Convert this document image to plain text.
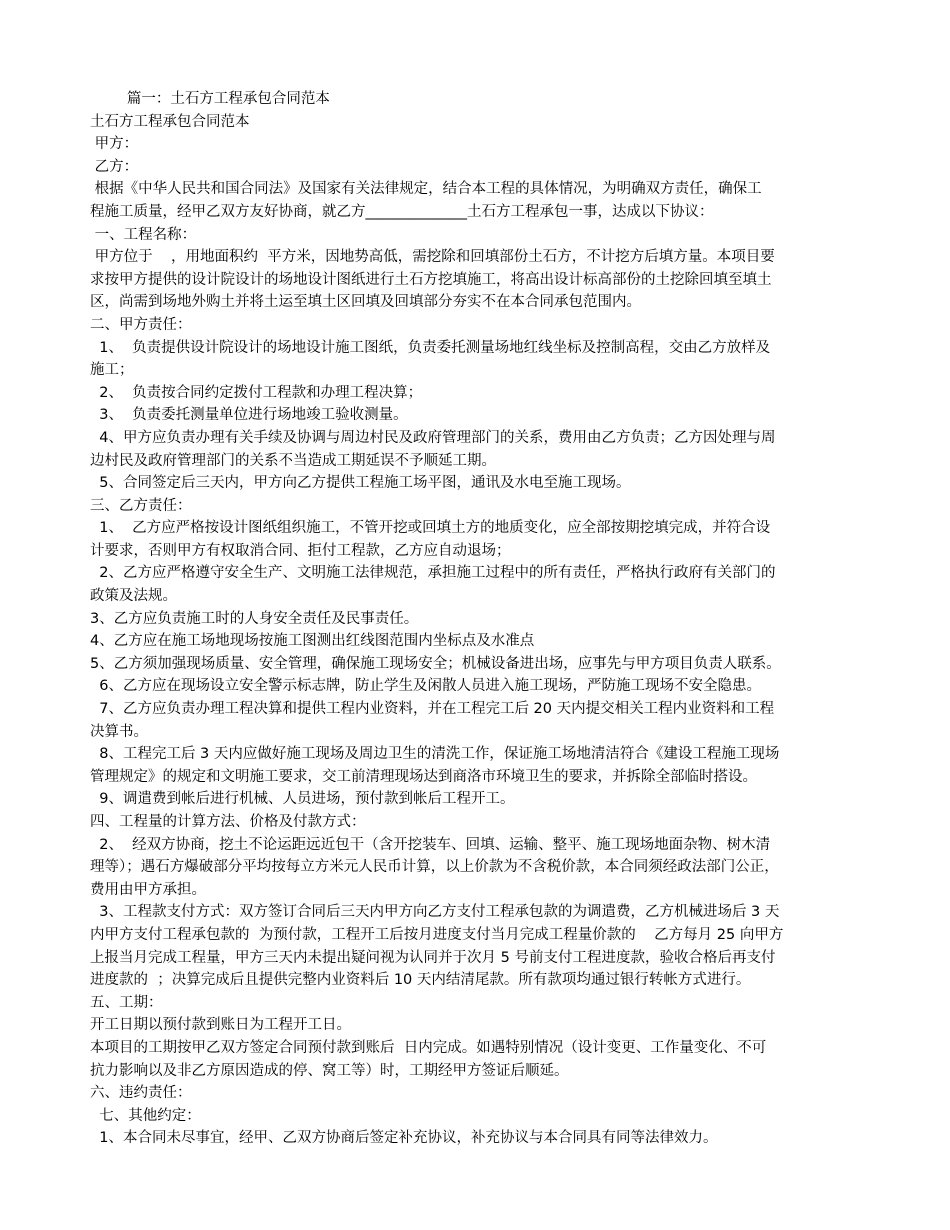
篇一：土石方工程承包合同范本
土石方工程承包合同范本
甲方：
乙方：
根据《中华人民共和国合同法》及国家有关法律规定，结合本工程的具体情况，为明确双方责任，确保工
程施工质量，经甲乙双方友好协商，就乙方______________土石方工程承包一事，达成以下协议：
一、工程名称：
甲方位于    ，用地面积约  平方米，因地势高低，需挖除和回填部份土石方，不计挖方后填方量。本项目要
求按甲方提供的设计院设计的场地设计图纸进行土石方挖填施工，将高出设计标高部份的土挖除回填至填土
区，尚需到场地外购土并将土运至填土区回填及回填部分夯实不在本合同承包范围内。
二、甲方责任：
1、  负责提供设计院设计的场地设计施工图纸，负责委托测量场地红线坐标及控制高程，交由乙方放样及
施工；
2、  负责按合同约定拨付工程款和办理工程决算；
3、  负责委托测量单位进行场地竣工验收测量。
4、甲方应负责办理有关手续及协调与周边村民及政府管理部门的关系，费用由乙方负责；乙方因处理与周
边村民及政府管理部门的关系不当造成工期延误不予顺延工期。
5、合同签定后三天内，甲方向乙方提供工程施工场平图，通讯及水电至施工现场。
三、乙方责任：
1、  乙方应严格按设计图纸组织施工，不管开挖或回填土方的地质变化，应全部按期挖填完成，并符合设
计要求，否则甲方有权取消合同、拒付工程款，乙方应自动退场；
2、乙方应严格遵守安全生产、文明施工法律规范，承担施工过程中的所有责任，严格执行政府有关部门的
政策及法规。
3、乙方应负责施工时的人身安全责任及民事责任。
4、乙方应在施工场地现场按施工图测出红线图范围内坐标点及水准点
5、乙方须加强现场质量、安全管理，确保施工现场安全；机械设备进出场，应事先与甲方项目负责人联系。
6、乙方应在现场设立安全警示标志牌，防止学生及闲散人员进入施工现场，严防施工现场不安全隐患。
7、乙方应负责办理工程决算和提供工程内业资料，并在工程完工后 20 天内提交相关工程内业资料和工程
决算书。
8、工程完工后 3 天内应做好施工现场及周边卫生的清洗工作，保证施工场地清洁符合《建设工程施工现场
管理规定》的规定和文明施工要求，交工前清理现场达到商洛市环境卫生的要求，并拆除全部临时搭设。
9、调遣费到帐后进行机械、人员进场，预付款到帐后工程开工。
四、工程量的计算方法、价格及付款方式：
2、  经双方协商，挖土不论运距远近包干（含开挖装车、回填、运输、整平、施工现场地面杂物、树木清
理等）；遇石方爆破部分平均按每立方米元人民币计算，以上价款为不含税价款，本合同须经政法部门公正，
费用由甲方承担。
3、工程款支付方式：双方签订合同后三天内甲方向乙方支付工程承包款的为调遣费，乙方机械进场后 3 天
内甲方支付工程承包款的  为预付款，工程开工后按月进度支付当月完成工程量价款的    乙方每月 25 向甲方
上报当月完成工程量，甲方三天内未提出疑问视为认同并于次月 5 号前支付工程进度款，验收合格后再支付
进度款的  ；决算完成后且提供完整内业资料后 10 天内结清尾款。所有款项均通过银行转帐方式进行。
五、工期：
开工日期以预付款到账日为工程开工日。
本项目的工期按甲乙双方签定合同预付款到账后  日内完成。如遇特别情况（设计变更、工作量变化、不可
抗力影响以及非乙方原因造成的停、窝工等）时，工期经甲方签证后顺延。
六、违约责任：
七、其他约定：
1、本合同未尽事宜，经甲、乙双方协商后签定补充协议，补充协议与本合同具有同等法律效力。
